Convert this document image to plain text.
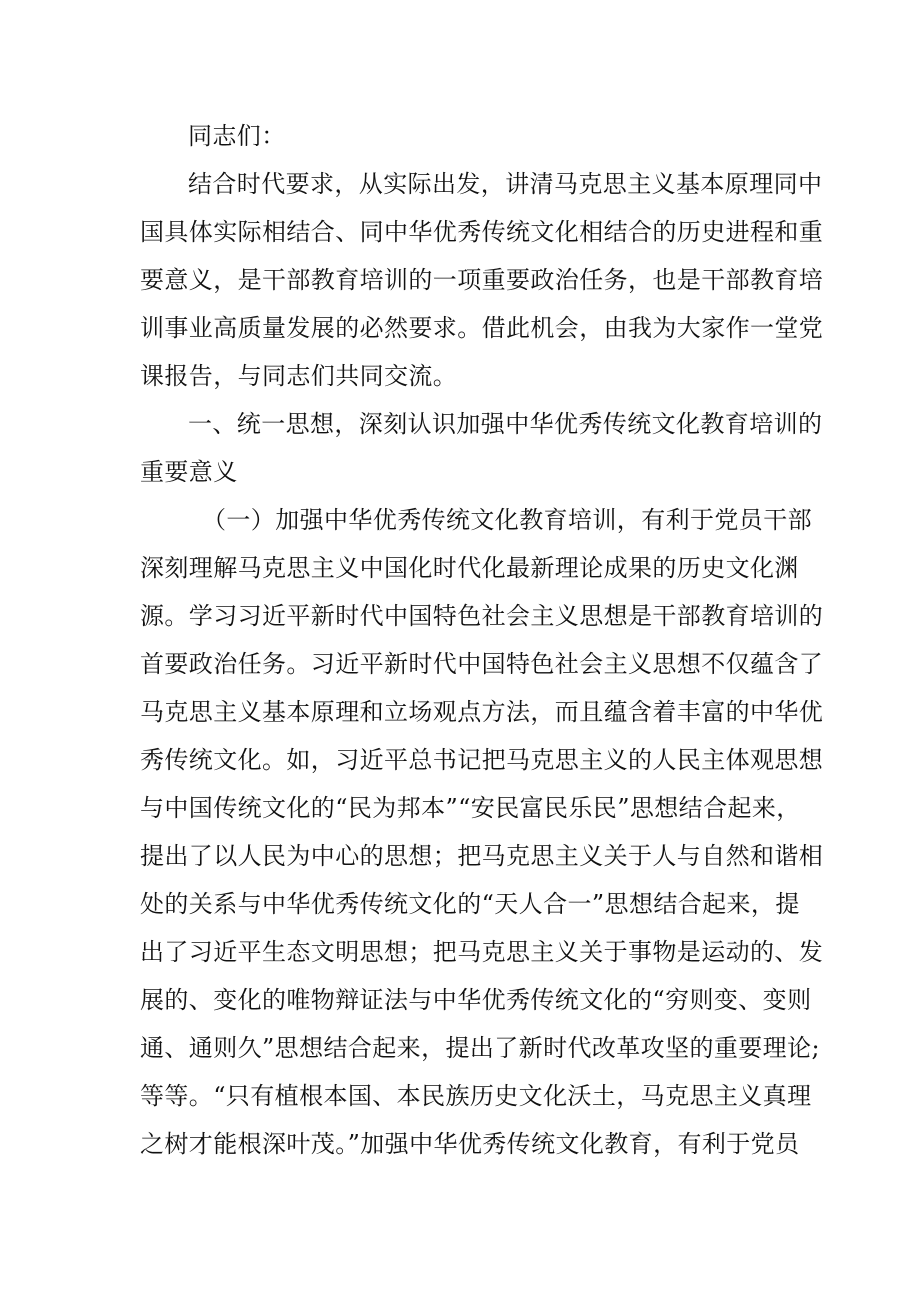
同志们：
结合时代要求，从实际出发，讲清马克思主义基本原理同中
国具体实际相结合、同中华优秀传统文化相结合的历史进程和重
要意义，是干部教育培训的一项重要政治任务，也是干部教育培
训事业高质量发展的必然要求。借此机会，由我为大家作一堂党
课报告，与同志们共同交流。
一、统一思想，深刻认识加强中华优秀传统文化教育培训的
重要意义
（一）加强中华优秀传统文化教育培训，有利于党员干部
深刻理解马克思主义中国化时代化最新理论成果的历史文化渊
源。学习习近平新时代中国特色社会主义思想是干部教育培训的
首要政治任务。习近平新时代中国特色社会主义思想不仅蕴含了
马克思主义基本原理和立场观点方法，而且蕴含着丰富的中华优
秀传统文化。如，习近平总书记把马克思主义的人民主体观思想
与中国传统文化的“民为邦本”“安民富民乐民”思想结合起来，
提出了以人民为中心的思想；把马克思主义关于人与自然和谐相
处的关系与中华优秀传统文化的“天人合一”思想结合起来，提
出了习近平生态文明思想；把马克思主义关于事物是运动的、发
展的、变化的唯物辩证法与中华优秀传统文化的“穷则变、变则
通、通则久”思想结合起来，提出了新时代改革攻坚的重要理论;
等等。“只有植根本国、本民族历史文化沃土，马克思主义真理
之树才能根深叶茂。”加强中华优秀传统文化教育，有利于党员
